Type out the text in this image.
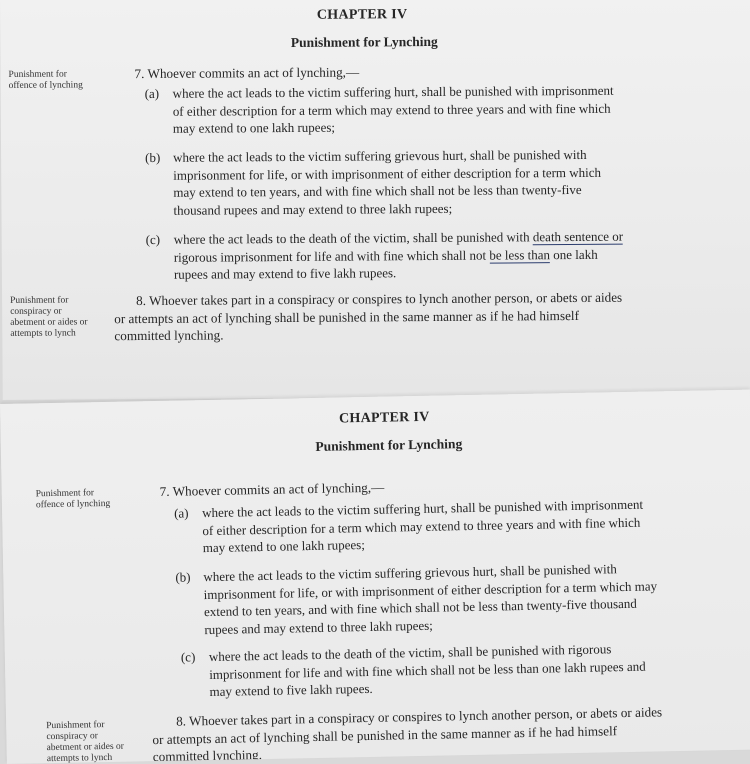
CHAPTER IV
Punishment for Lynching
Punishment for offence of lynching
7. Whoever commits an act of lynching,—
(a) where the act leads to the victim suffering hurt, shall be punished with imprisonment of either description for a term which may extend to three years and with fine which may extend to one lakh rupees;
(b) where the act leads to the victim suffering grievous hurt, shall be punished with imprisonment for life, or with imprisonment of either description for a term which may extend to ten years, and with fine which shall not be less than twenty-five thousand rupees and may extend to three lakh rupees;
(c) where the act leads to the death of the victim, shall be punished with death sentence or rigorous imprisonment for life and with fine which shall not be less than one lakh rupees and may extend to five lakh rupees.
Punishment for conspiracy or abetment or aides or attempts to lynch
8. Whoever takes part in a conspiracy or conspires to lynch another person, or abets or aides or attempts an act of lynching shall be punished in the same manner as if he had himself committed lynching.
CHAPTER IV
Punishment for Lynching
Punishment for offence of lynching
7. Whoever commits an act of lynching,—
(a) where the act leads to the victim suffering hurt, shall be punished with imprisonment of either description for a term which may extend to three years and with fine which may extend to one lakh rupees;
(b) where the act leads to the victim suffering grievous hurt, shall be punished with imprisonment for life, or with imprisonment of either description for a term which may extend to ten years, and with fine which shall not be less than twenty-five thousand rupees and may extend to three lakh rupees;
(c) where the act leads to the death of the victim, shall be punished with rigorous imprisonment for life and with fine which shall not be less than one lakh rupees and may extend to five lakh rupees.
Punishment for conspiracy or abetment or aides or attempts to lynch
8. Whoever takes part in a conspiracy or conspires to lynch another person, or abets or aides or attempts an act of lynching shall be punished in the same manner as if he had himself committed lynching.
